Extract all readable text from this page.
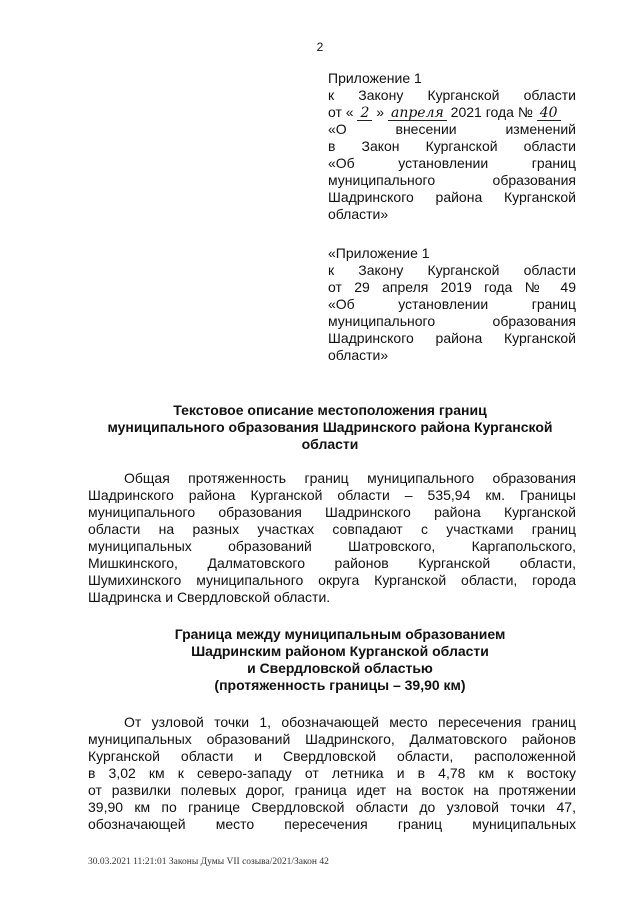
2
Приложение 1
к Закону Курганской области
от « 2 » апреля 2021 года № 40
«О внесении изменений
в Закон Курганской области
«Об установлении границ
муниципального образования
Шадринского района Курганской
области»
«Приложение 1
к Закону Курганской области
от 29 апреля 2019 года № 49
«Об установлении границ
муниципального образования
Шадринского района Курганской
области»
Текстовое описание местоположения границ
муниципального образования Шадринского района Курганской
области
Общая протяженность границ муниципального образования
Шадринского района Курганской области – 535,94 км. Границы
муниципального образования Шадринского района Курганской
области на разных участках совпадают с участками границ
муниципальных образований Шатровского, Каргапольского,
Мишкинского, Далматовского районов Курганской области,
Шумихинского муниципального округа Курганской области, города
Шадринска и Свердловской области.
Граница между муниципальным образованием
Шадринским районом Курганской области
и Свердловской областью
(протяженность границы – 39,90 км)
От узловой точки 1, обозначающей место пересечения границ
муниципальных образований Шадринского, Далматовского районов
Курганской области и Свердловской области, расположенной
в 3,02 км к северо-западу от летника и в 4,78 км к востоку
от развилки полевых дорог, граница идет на восток на протяжении
39,90 км по границе Свердловской области до узловой точки 47,
обозначающей место пересечения границ муниципальных
30.03.2021 11:21:01 Законы Думы VII созыва/2021/Закон 42
